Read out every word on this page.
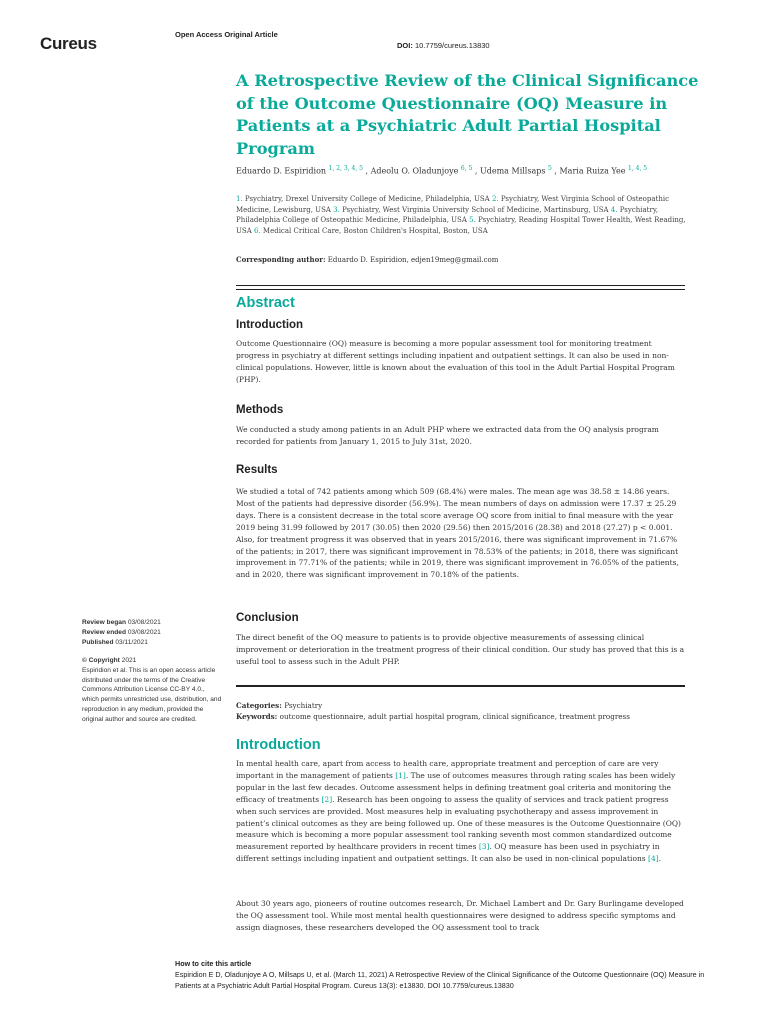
Cureus	Open Access Original Article
DOI: 10.7759/cureus.13830
A Retrospective Review of the Clinical Significance of the Outcome Questionnaire (OQ) Measure in Patients at a Psychiatric Adult Partial Hospital Program
Eduardo D. Espiridion $^{1, 2, 3, 4, 5}$ , Adeolu O. Oladunjoye $^{6, 5}$ , Udema Millsaps $^5$ , Maria Ruiza Yee $^{1, 4, 5}$
1. Psychiatry, Drexel University College of Medicine, Philadelphia, USA 2. Psychiatry, West Virginia School of Osteopathic Medicine, Lewisburg, USA 3. Psychiatry, West Virginia University School of Medicine, Martinsburg, USA 4. Psychiatry, Philadelphia College of Osteopathic Medicine, Philadelphia, USA 5. Psychiatry, Reading Hospital Tower Health, West Reading, USA 6. Medical Critical Care, Boston Children's Hospital, Boston, USA
Corresponding author: Eduardo D. Espiridion, edjen19meg@gmail.com
Abstract
Introduction

Outcome Questionnaire (OQ) measure is becoming a more popular assessment tool for monitoring treatment progress in psychiatry at different settings including inpatient and outpatient settings. It can also be used in non-clinical populations. However, little is known about the evaluation of this tool in the Adult Partial Hospital Program (PHP).

Methods

We conducted a study among patients in an Adult PHP where we extracted data from the OQ analysis program recorded for patients from January 1, 2015 to July 31st, 2020.

Results

We studied a total of 742 patients among which 509 (68.4%) were males. The mean age was 38.58 ± 14.86 years. Most of the patients had depressive disorder (56.9%). The mean numbers of days on admission were 17.37 ± 25.29 days. There is a consistent decrease in the total score average OQ score from initial to final measure with the year 2019 being 31.99 followed by 2017 (30.05) then 2020 (29.56) then 2015/2016 (28.38) and 2018 (27.27) p < 0.001. Also, for treatment progress it was observed that in years 2015/2016, there was significant improvement in 71.67% of the patients; in 2017, there was significant improvement in 78.53% of the patients; in 2018, there was significant improvement in 77.71% of the patients; while in 2019, there was significant improvement in 76.05% of the patients, and in 2020, there was significant improvement in 70.18% of the patients.

Conclusion

The direct benefit of the OQ measure to patients is to provide objective measurements of assessing clinical improvement or deterioration in the treatment progress of their clinical condition. Our study has proved that this is a useful tool to assess such in the Adult PHP.

Review began 03/08/2021
Review ended 03/08/2021
Published 03/11/2021
© Copyright 2021
Espiridion et al. This is an open access article distributed under the terms of the Creative Commons Attribution License CC-BY 4.0., which permits unrestricted use, distribution, and reproduction in any medium, provided the original author and source are credited.
Categories: Psychiatry
Keywords: outcome questionnaire, adult partial hospital program, clinical significance, treatment progress
Introduction

In mental health care, apart from access to health care, appropriate treatment and perception of care are very important in the management of patients [1]. The use of outcomes measures through rating scales has been widely popular in the last few decades. Outcome assessment helps in defining treatment goal criteria and monitoring the efficacy of treatments [2]. Research has been ongoing to assess the quality of services and track patient progress when such services are provided. Most measures help in evaluating psychotherapy and assess improvement in patient’s clinical outcomes as they are being followed up. One of these measures is the Outcome Questionnaire (OQ) measure which is becoming a more popular assessment tool ranking seventh most common standardized outcome measurement reported by healthcare providers in recent times [3]. OQ measure has been used in psychiatry in different settings including inpatient and outpatient settings. It can also be used in non-clinical populations [4].

About 30 years ago, pioneers of routine outcomes research, Dr. Michael Lambert and Dr. Gary Burlingame developed the OQ assessment tool. While most mental health questionnaires were designed to address specific symptoms and assign diagnoses, these researchers developed the OQ assessment tool to track

How to cite this article
Espiridion E D, Oladunjoye A O, Millsaps U, et al. (March 11, 2021) A Retrospective Review of the Clinical Significance of the Outcome Questionnaire (OQ) Measure in Patients at a Psychiatric Adult Partial Hospital Program. Cureus 13(3): e13830. DOI 10.7759/cureus.13830
